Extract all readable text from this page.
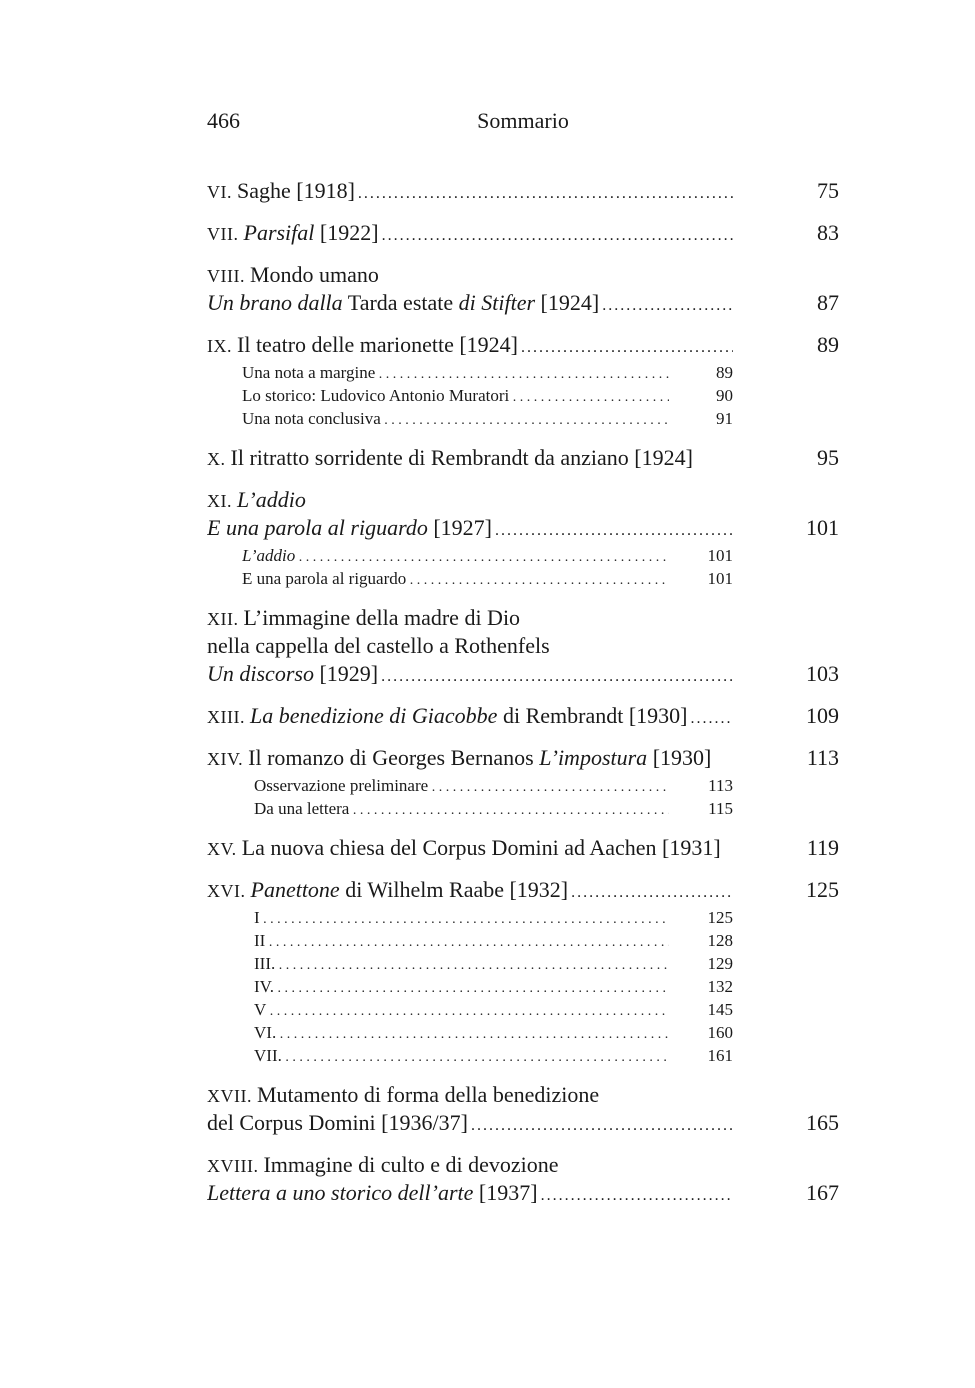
466	Sommario
VI. Saghe [1918] . . .	75
VII. Parsifal [1922] . . .	83
VIII. Mondo umano
Un brano dalla Tarda estate di Stifter [1924] . . .	87
IX. Il teatro delle marionette [1924] . . .	89
Una nota a margine . . .	89
Lo storico: Ludovico Antonio Muratori . . .	90
Una nota conclusiva . . .	91
X. Il ritratto sorridente di Rembrandt da anziano [1924]	95
XI. L’addio
E una parola al riguardo [1927] . . .	101
L’addio . . .	101
E una parola al riguardo . . .	101
XII. L’immagine della madre di Dio
nella cappella del castello a Rothenfels
Un discorso [1929] . . .	103
XIII. La benedizione di Giacobbe di Rembrandt [1930] . . .	109
XIV. Il romanzo di Georges Bernanos L’impostura [1930]	113
Osservazione preliminare . . .	113
Da una lettera . . .	115
XV. La nuova chiesa del Corpus Domini ad Aachen [1931]	119
XVI. Panettone di Wilhelm Raabe [1932] . . .	125
I . . .	125
II . . .	128
III. . . .	129
IV. . . .	132
V . . .	145
VI. . . .	160
VII. . . .	161
XVII. Mutamento di forma della benedizione
del Corpus Domini [1936/37] . . .	165
XVIII. Immagine di culto e di devozione
Lettera a uno storico dell’arte [1937] . . .	167
